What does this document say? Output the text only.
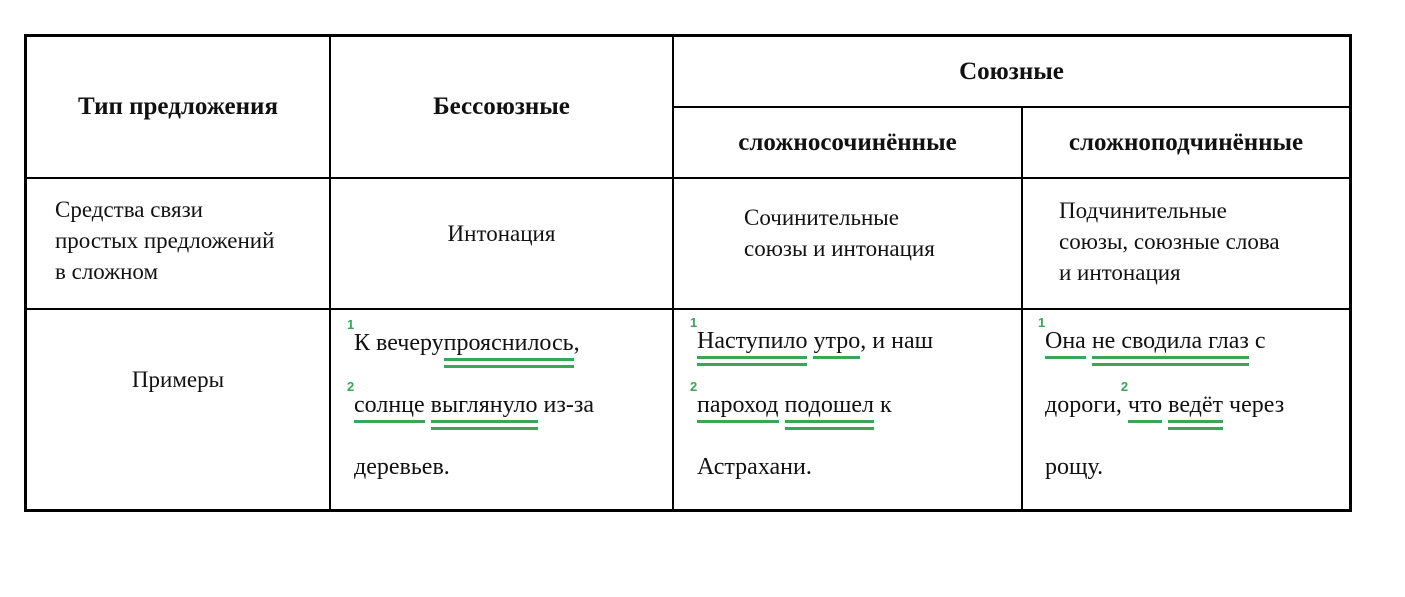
Тип предложения	Бессоюзные
Союзные
сложносочинённые	сложноподчинённые
Средства связи
простых предложений
в сложном
Интонация
Сочинительные
союзы и интонация
Подчинительные
союзы, союзные слова
и интонация
Примеры
1
К вечерупрояснилось,
2
солнце выглянуло из-за
деревьев.
1
Наступило утро, и наш
2
пароход подошел к
Астрахани.
1
Она не сводила глаз с
дороги,
2
что ведёт через
рощу.
